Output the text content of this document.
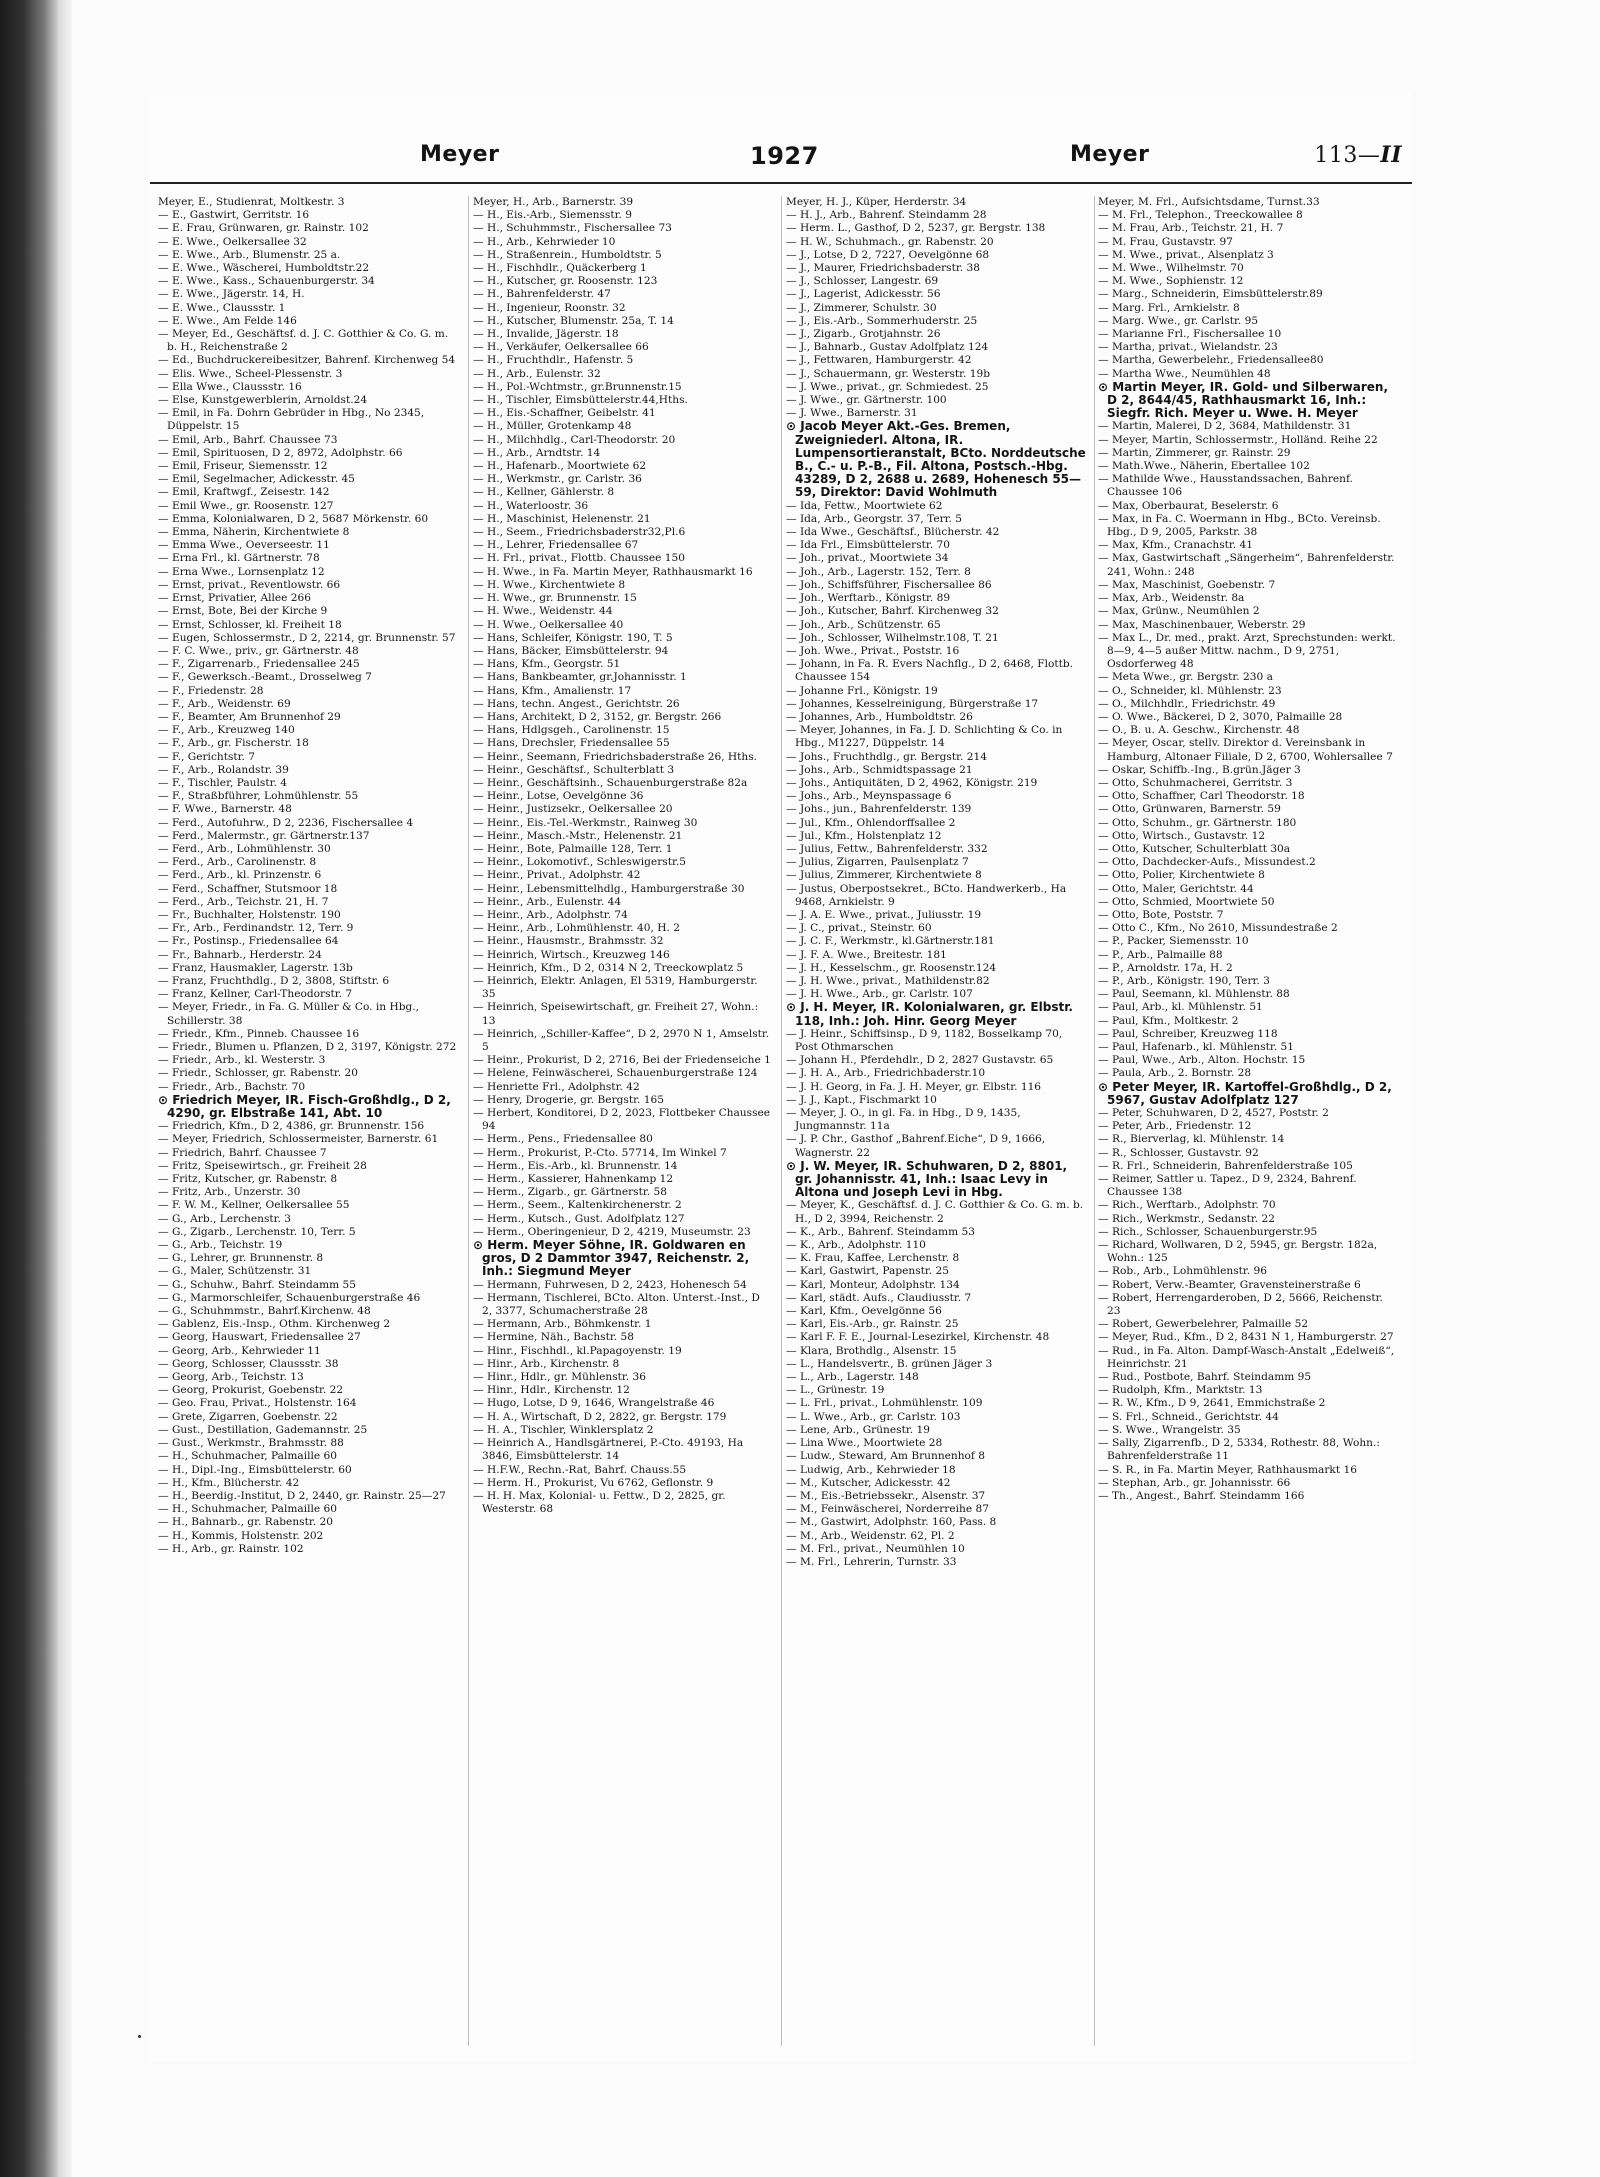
Meyer	1927	Meyer	113—II

Meyer, E., Studienrat, Moltkestr. 3

— E., Gastwirt, Gerritstr. 16

— E. Frau, Grünwaren, gr. Rainstr. 102

— E. Wwe., Oelkersallee 32

— E. Wwe., Arb., Blumenstr. 25 a.

— E. Wwe., Wäscherei, Humboldtstr.22

— E. Wwe., Kass., Schauenburgerstr. 34

— E. Wwe., Jägerstr. 14, H.

— E. Wwe., Claussstr. 1

— E. Wwe., Am Felde 146

— Meyer, Ed., Geschäftsf. d. J. C. Gotthier & Co. G. m. b. H., Reichenstraße 2

— Ed., Buchdruckereibesitzer, Bahrenf. Kirchenweg 54

— Elis. Wwe., Scheel-Plessenstr. 3

— Ella Wwe., Claussstr. 16

— Else, Kunstgewerblerin, Arnoldst.24

— Emil, in Fa. Dohrn Gebrüder in Hbg., No 2345, Düppelstr. 15

— Emil, Arb., Bahrf. Chaussee 73

— Emil, Spirituosen, D 2, 8972, Adolphstr. 66

— Emil, Friseur, Siemensstr. 12

— Emil, Segelmacher, Adickesstr. 45

— Emil, Kraftwgf., Zeisestr. 142

— Emil Wwe., gr. Roosenstr. 127

— Emma, Kolonialwaren, D 2, 5687 Mörkenstr. 60

— Emma, Näherin, Kirchentwiete 8

— Emma Wwe., Oeverseestr. 11

— Erna Frl., kl. Gärtnerstr. 78

— Erna Wwe., Lornsenplatz 12

— Ernst, privat., Reventlowstr. 66

— Ernst, Privatier, Allee 266

— Ernst, Bote, Bei der Kirche 9

— Ernst, Schlosser, kl. Freiheit 18

— Eugen, Schlossermstr., D 2, 2214, gr. Brunnenstr. 57

— F. C. Wwe., priv., gr. Gärtnerstr. 48

— F., Zigarrenarb., Friedensallee 245

— F., Gewerksch.-Beamt., Drosselweg 7

— F., Friedenstr. 28

— F., Arb., Weidenstr. 69

— F., Beamter, Am Brunnenhof 29

— F., Arb., Kreuzweg 140

— F., Arb., gr. Fischerstr. 18

— F., Gerichtstr. 7

— F., Arb., Rolandstr. 39

— F., Tischler, Paulstr. 4

— F., Straßbführer, Lohmühlenstr. 55

— F. Wwe., Barnerstr. 48

— Ferd., Autofuhrw., D 2, 2236, Fischersallee 4

— Ferd., Malermstr., gr. Gärtnerstr.137

— Ferd., Arb., Lohmühlenstr. 30

— Ferd., Arb., Carolinenstr. 8

— Ferd., Arb., kl. Prinzenstr. 6

— Ferd., Schaffner, Stutsmoor 18

— Ferd., Arb., Teichstr. 21, H. 7

— Fr., Buchhalter, Holstenstr. 190

— Fr., Arb., Ferdinandstr. 12, Terr. 9

— Fr., Postinsp., Friedensallee 64

— Fr., Bahnarb., Herderstr. 24

— Franz, Hausmakler, Lagerstr. 13b

— Franz, Fruchthdlg., D 2, 3808, Stiftstr. 6

— Franz, Kellner, Carl-Theodorstr. 7

— Meyer, Friedr., in Fa. G. Müller & Co. in Hbg., Schillerstr. 38

— Friedr., Kfm., Pinneb. Chaussee 16

— Friedr., Blumen u. Pflanzen, D 2, 3197, Königstr. 272

— Friedr., Arb., kl. Westerstr. 3

— Friedr., Schlosser, gr. Rabenstr. 20

— Friedr., Arb., Bachstr. 70

⊙ Friedrich Meyer, IR. Fisch-Großhdlg., D 2, 4290, gr. Elbstraße 141, Abt. 10

— Friedrich, Kfm., D 2, 4386, gr. Brunnenstr. 156

— Meyer, Friedrich, Schlossermeister, Barnerstr. 61

— Friedrich, Bahrf. Chaussee 7

— Fritz, Speisewirtsch., gr. Freiheit 28

— Fritz, Kutscher, gr. Rabenstr. 8

— Fritz, Arb., Unzerstr. 30

— F. W. M., Kellner, Oelkersallee 55

— G., Arb., Lerchenstr. 3

— G., Zigarb., Lerchenstr. 10, Terr. 5

— G., Arb., Teichstr. 19

— G., Lehrer, gr. Brunnenstr. 8

— G., Maler, Schützenstr. 31

— G., Schuhw., Bahrf. Steindamm 55

— G., Marmorschleifer, Schauenburgerstraße 46

— G., Schuhmmstr., Bahrf.Kirchenw. 48

— Gablenz, Eis.-Insp., Othm. Kirchenweg 2

— Georg, Hauswart, Friedensallee 27

— Georg, Arb., Kehrwieder 11

— Georg, Schlosser, Claussstr. 38

— Georg, Arb., Teichstr. 13

— Georg, Prokurist, Goebenstr. 22

— Geo. Frau, Privat., Holstenstr. 164

— Grete, Zigarren, Goebenstr. 22

— Gust., Destillation, Gademannstr. 25

— Gust., Werkmstr., Brahmsstr. 88

— H., Schuhmacher, Palmaille 60

— H., Dipl.-Ing., Eimsbüttelerstr. 60

— H., Kfm., Blücherstr. 42

— H., Beerdig.-Institut, D 2, 2440, gr. Rainstr. 25—27

— H., Schuhmacher, Palmaille 60

— H., Bahnarb., gr. Rabenstr. 20

— H., Kommis, Holstenstr. 202

— H., Arb., gr. Rainstr. 102

Meyer, H., Arb., Barnerstr. 39

— H., Eis.-Arb., Siemensstr. 9

— H., Schuhmmstr., Fischersallee 73

— H., Arb., Kehrwieder 10

— H., Straßenrein., Humboldtstr. 5

— H., Fischhdlr., Quäckerberg 1

— H., Kutscher, gr. Roosenstr. 123

— H., Bahrenfelderstr. 47

— H., Ingenieur, Roonstr. 32

— H., Kutscher, Blumenstr. 25a, T. 14

— H., Invalide, Jägerstr. 18

— H., Verkäufer, Oelkersallee 66

— H., Fruchthdlr., Hafenstr. 5

— H., Arb., Eulenstr. 32

— H., Pol.-Wchtmstr., gr.Brunnenstr.15

— H., Tischler, Eimsbüttelerstr.44,Hths.

— H., Eis.-Schaffner, Geibelstr. 41

— H., Müller, Grotenkamp 48

— H., Milchhdlg., Carl-Theodorstr. 20

— H., Arb., Arndtstr. 14

— H., Hafenarb., Moortwiete 62

— H., Werkmstr., gr. Carlstr. 36

— H., Kellner, Gählerstr. 8

— H., Waterloostr. 36

— H., Maschinist, Helenenstr. 21

— H., Seem., Friedrichsbaderstr32,Pl.6

— H., Lehrer, Friedensallee 67

— H. Frl., privat., Flottb. Chaussee 150

— H. Wwe., in Fa. Martin Meyer, Rathhausmarkt 16

— H. Wwe., Kirchentwiete 8

— H. Wwe., gr. Brunnenstr. 15

— H. Wwe., Weidenstr. 44

— H. Wwe., Oelkersallee 40

— Hans, Schleifer, Königstr. 190, T. 5

— Hans, Bäcker, Eimsbüttelerstr. 94

— Hans, Kfm., Georgstr. 51

— Hans, Bankbeamter, gr.Johannisstr. 1

— Hans, Kfm., Amalienstr. 17

— Hans, techn. Angest., Gerichtstr. 26

— Hans, Architekt, D 2, 3152, gr. Bergstr. 266

— Hans, Hdlgsgeh., Carolinenstr. 15

— Hans, Drechsler, Friedensallee 55

— Heinr., Seemann, Friedrichsbaderstraße 26, Hths.

— Heinr., Geschäftsf., Schulterblatt 3

— Heinr., Geschäftsinh., Schauenburgerstraße 82a

— Heinr., Lotse, Oevelgönne 36

— Heinr., Justizsekr., Oelkersallee 20

— Heinr., Eis.-Tel.-Werkmstr., Rainweg 30

— Heinr., Masch.-Mstr., Helenenstr. 21

— Heinr., Bote, Palmaille 128, Terr. 1

— Heinr., Lokomotivf., Schleswigerstr.5

— Heinr., Privat., Adolphstr. 42

— Heinr., Lebensmittelhdlg., Hamburgerstraße 30

— Heinr., Arb., Eulenstr. 44

— Heinr., Arb., Adolphstr. 74

— Heinr., Arb., Lohmühlenstr. 40, H. 2

— Heinr., Hausmstr., Brahmsstr. 32

— Heinrich, Wirtsch., Kreuzweg 146

— Heinrich, Kfm., D 2, 0314 N 2, Treeckowplatz 5

— Heinrich, Elektr. Anlagen, El 5319, Hamburgerstr. 35

— Heinrich, Speisewirtschaft, gr. Freiheit 27, Wohn.: 13

— Heinrich, „Schiller-Kaffee“, D 2, 2970 N 1, Amselstr. 5

— Heinr., Prokurist, D 2, 2716, Bei der Friedenseiche 1

— Helene, Feinwäscherei, Schauenburgerstraße 124

— Henriette Frl., Adolphstr. 42

— Henry, Drogerie, gr. Bergstr. 165

— Herbert, Konditorei, D 2, 2023, Flottbeker Chaussee 94

— Herm., Pens., Friedensallee 80

— Herm., Prokurist, P.-Cto. 57714, Im Winkel 7

— Herm., Eis.-Arb., kl. Brunnenstr. 14

— Herm., Kassierer, Hahnenkamp 12

— Herm., Zigarb., gr. Gärtnerstr. 58

— Herm., Seem., Kaltenkirchenerstr. 2

— Herm., Kutsch., Gust. Adolfplatz 127

— Herm., Oberingenieur, D 2, 4219, Museumstr. 23

⊙ Herm. Meyer Söhne, IR. Goldwaren en gros, D 2 Dammtor 3947, Reichenstr. 2, Inh.: Siegmund Meyer

— Hermann, Fuhrwesen, D 2, 2423, Hohenesch 54

— Hermann, Tischlerei, BCto. Alton. Unterst.-Inst., D 2, 3377, Schumacherstraße 28

— Hermann, Arb., Böhmkenstr. 1

— Hermine, Näh., Bachstr. 58

— Hinr., Fischhdl., kl.Papagoyenstr. 19

— Hinr., Arb., Kirchenstr. 8

— Hinr., Hdlr., gr. Mühlenstr. 36

— Hinr., Hdlr., Kirchenstr. 12

— Hugo, Lotse, D 9, 1646, Wrangelstraße 46

— H. A., Wirtschaft, D 2, 2822, gr. Bergstr. 179

— H. A., Tischler, Winklersplatz 2

— Heinrich A., Handlsgärtnerei, P.-Cto. 49193, Ha 3846, Eimsbüttelerstr. 14

— H.F.W., Rechn.-Rat, Bahrf. Chauss.55

— Herm. H., Prokurist, Vu 6762, Geflonstr. 9

— H. H. Max, Kolonial- u. Fettw., D 2, 2825, gr. Westerstr. 68

Meyer, H. J., Küper, Herderstr. 34

— H. J., Arb., Bahrenf. Steindamm 28

— Herm. L., Gasthof, D 2, 5237, gr. Bergstr. 138

— H. W., Schuhmach., gr. Rabenstr. 20

— J., Lotse, D 2, 7227, Oevelgönne 68

— J., Maurer, Friedrichsbaderstr. 38

— J., Schlosser, Langestr. 69

— J., Lagerist, Adickesstr. 56

— J., Zimmerer, Schulstr. 30

— J., Eis.-Arb., Sommerhuderstr. 25

— J., Zigarb., Grotjahnstr. 26

— J., Bahnarb., Gustav Adolfplatz 124

— J., Fettwaren, Hamburgerstr. 42

— J., Schauermann, gr. Westerstr. 19b

— J. Wwe., privat., gr. Schmiedest. 25

— J. Wwe., gr. Gärtnerstr. 100

— J. Wwe., Barnerstr. 31

⊙ Jacob Meyer Akt.-Ges. Bremen, Zweigniederl. Altona, IR. Lumpensortieranstalt, BCto. Norddeutsche B., C.- u. P.-B., Fil. Altona, Postsch.-Hbg. 43289, D 2, 2688 u. 2689, Hohenesch 55—59, Direktor: David Wohlmuth

— Ida, Fettw., Moortwiete 62

— Ida, Arb., Georgstr. 37, Terr. 5

— Ida Wwe., Geschäftsf., Blücherstr. 42

— Ida Frl., Eimsbüttelerstr. 70

— Joh., privat., Moortwiete 34

— Joh., Arb., Lagerstr. 152, Terr. 8

— Joh., Schiffsführer, Fischersallee 86

— Joh., Werftarb., Königstr. 89

— Joh., Kutscher, Bahrf. Kirchenweg 32

— Joh., Arb., Schützenstr. 65

— Joh., Schlosser, Wilhelmstr.108, T. 21

— Joh. Wwe., Privat., Poststr. 16

— Johann, in Fa. R. Evers Nachflg., D 2, 6468, Flottb. Chaussee 154

— Johanne Frl., Königstr. 19

— Johannes, Kesselreinigung, Bürgerstraße 17

— Johannes, Arb., Humboldtstr. 26

— Meyer, Johannes, in Fa. J. D. Schlichting & Co. in Hbg., M1227, Düppelstr. 14

— Johs., Fruchthdlg., gr. Bergstr. 214

— Johs., Arb., Schmidtspassage 21

— Johs., Antiquitäten, D 2, 4962, Königstr. 219

— Johs., Arb., Meynspassage 6

— Johs., jun., Bahrenfelderstr. 139

— Jul., Kfm., Ohlendorffsallee 2

— Jul., Kfm., Holstenplatz 12

— Julius, Fettw., Bahrenfelderstr. 332

— Julius, Zigarren, Paulsenplatz 7

— Julius, Zimmerer, Kirchentwiete 8

— Justus, Oberpostsekret., BCto. Handwerkerb., Ha 9468, Arnkielstr. 9

— J. A. E. Wwe., privat., Juliusstr. 19

— J. C., privat., Steinstr. 60

— J. C. F., Werkmstr., kl.Gärtnerstr.181

— J. F. A. Wwe., Breitestr. 181

— J. H., Kesselschm., gr. Roosenstr.124

— J. H. Wwe., privat., Mathildenstr.82

— J. H. Wwe., Arb., gr. Carlstr. 107

⊙ J. H. Meyer, IR. Kolonialwaren, gr. Elbstr. 118, Inh.: Joh. Hinr. Georg Meyer

— J. Heinr., Schiffsinsp., D 9, 1182, Bosselkamp 70, Post Othmarschen

— Johann H., Pferdehdlr., D 2, 2827 Gustavstr. 65

— J. H. A., Arb., Friedrichbaderstr.10

— J. H. Georg, in Fa. J. H. Meyer, gr. Elbstr. 116

— J. J., Kapt., Fischmarkt 10

— Meyer, J. O., in gl. Fa. in Hbg., D 9, 1435, Jungmannstr. 11a

— J. P. Chr., Gasthof „Bahrenf.Eiche“, D 9, 1666, Wagnerstr. 22

⊙ J. W. Meyer, IR. Schuhwaren, D 2, 8801, gr. Johannisstr. 41, Inh.: Isaac Levy in Altona und Joseph Levi in Hbg.

— Meyer, K., Geschäftsf. d. J. C. Gotthier & Co. G. m. b. H., D 2, 3994, Reichenstr. 2

— K., Arb., Bahrenf. Steindamm 53

— K., Arb., Adolphstr. 110

— K. Frau, Kaffee, Lerchenstr. 8

— Karl, Gastwirt, Papenstr. 25

— Karl, Monteur, Adolphstr. 134

— Karl, städt. Aufs., Claudiusstr. 7

— Karl, Kfm., Oevelgönne 56

— Karl, Eis.-Arb., gr. Rainstr. 25

— Karl F. F. E., Journal-Lesezirkel, Kirchenstr. 48

— Klara, Brothdlg., Alsenstr. 15

— L., Handelsvertr., B. grünen Jäger 3

— L., Arb., Lagerstr. 148

— L., Grünestr. 19

— L. Frl., privat., Lohmühlenstr. 109

— L. Wwe., Arb., gr. Carlstr. 103

— Lene, Arb., Grünestr. 19

— Lina Wwe., Moortwiete 28

— Ludw., Steward, Am Brunnenhof 8

— Ludwig, Arb., Kehrwieder 18

— M., Kutscher, Adickesstr. 42

— M., Eis.-Betriebssekr., Alsenstr. 37

— M., Feinwäscherei, Norderreihe 87

— M., Gastwirt, Adolphstr. 160, Pass. 8

— M., Arb., Weidenstr. 62, Pl. 2

— M. Frl., privat., Neumühlen 10

— M. Frl., Lehrerin, Turnstr. 33

Meyer, M. Frl., Aufsichtsdame, Turnst.33

— M. Frl., Telephon., Treeckowallee 8

— M. Frau, Arb., Teichstr. 21, H. 7

— M. Frau, Gustavstr. 97

— M. Wwe., privat., Alsenplatz 3

— M. Wwe., Wilhelmstr. 70

— M. Wwe., Sophienstr. 12

— Marg., Schneiderin, Eimsbüttelerstr.89

— Marg. Frl., Arnkielstr. 8

— Marg. Wwe., gr. Carlstr. 95

— Marianne Frl., Fischersallee 10

— Martha, privat., Wielandstr. 23

— Martha, Gewerbelehr., Friedensallee80

— Martha Wwe., Neumühlen 48

⊙ Martin Meyer, IR. Gold- und Silberwaren, D 2, 8644/45, Rathhausmarkt 16, Inh.: Siegfr. Rich. Meyer u. Wwe. H. Meyer

— Martin, Malerei, D 2, 3684, Mathildenstr. 31

— Meyer, Martin, Schlossermstr., Holländ. Reihe 22

— Martin, Zimmerer, gr. Rainstr. 29

— Math.Wwe., Näherin, Ebertallee 102

— Mathilde Wwe., Hausstandssachen, Bahrenf. Chaussee 106

— Max, Oberbaurat, Beselerstr. 6

— Max, in Fa. C. Woermann in Hbg., BCto. Vereinsb. Hbg., D 9, 2005, Parkstr. 38

— Max, Kfm., Cranachstr. 41

— Max, Gastwirtschaft „Sängerheim“, Bahrenfelderstr. 241, Wohn.: 248

— Max, Maschinist, Goebenstr. 7

— Max, Arb., Weidenstr. 8a

— Max, Grünw., Neumühlen 2

— Max, Maschinenbauer, Weberstr. 29

— Max L., Dr. med., prakt. Arzt, Sprechstunden: werkt. 8—9, 4—5 außer Mittw. nachm., D 9, 2751, Osdorferweg 48

— Meta Wwe., gr. Bergstr. 230 a

— O., Schneider, kl. Mühlenstr. 23

— O., Milchhdlr., Friedrichstr. 49

— O. Wwe., Bäckerei, D 2, 3070, Palmaille 28

— O., B. u. A. Geschw., Kirchenstr. 48

— Meyer, Oscar, stellv. Direktor d. Vereinsbank in Hamburg, Altonaer Filiale, D 2, 6700, Wohlersallee 7

— Oskar, Schiffb.-Ing., B.grün.Jäger 3

— Otto, Schuhmacherei, Gerritstr. 3

— Otto, Schaffner, Carl Theodorstr. 18

— Otto, Grünwaren, Barnerstr. 59

— Otto, Schuhm., gr. Gärtnerstr. 180

— Otto, Wirtsch., Gustavstr. 12

— Otto, Kutscher, Schulterblatt 30a

— Otto, Dachdecker-Aufs., Missundest.2

— Otto, Polier, Kirchentwiete 8

— Otto, Maler, Gerichtstr. 44

— Otto, Schmied, Moortwiete 50

— Otto, Bote, Poststr. 7

— Otto C., Kfm., No 2610, Missundestraße 2

— P., Packer, Siemensstr. 10

— P., Arb., Palmaille 88

— P., Arnoldstr. 17a, H. 2

— P., Arb., Königstr. 190, Terr. 3

— Paul, Seemann, kl. Mühlenstr. 88

— Paul, Arb., kl. Mühlenstr. 51

— Paul, Kfm., Moltkestr. 2

— Paul, Schreiber, Kreuzweg 118

— Paul, Hafenarb., kl. Mühlenstr. 51

— Paul, Wwe., Arb., Alton. Hochstr. 15

— Paula, Arb., 2. Bornstr. 28

⊙ Peter Meyer, IR. Kartoffel-Großhdlg., D 2, 5967, Gustav Adolfplatz 127

— Peter, Schuhwaren, D 2, 4527, Poststr. 2

— Peter, Arb., Friedenstr. 12

— R., Bierverlag, kl. Mühlenstr. 14

— R., Schlosser, Gustavstr. 92

— R. Frl., Schneiderin, Bahrenfelderstraße 105

— Reimer, Sattler u. Tapez., D 9, 2324, Bahrenf. Chaussee 138

— Rich., Werftarb., Adolphstr. 70

— Rich., Werkmstr., Sedanstr. 22

— Rich., Schlosser, Schauenburgerstr.95

— Richard, Wollwaren, D 2, 5945, gr. Bergstr. 182a, Wohn.: 125

— Rob., Arb., Lohmühlenstr. 96

— Robert, Verw.-Beamter, Gravensteinerstraße 6

— Robert, Herrengarderoben, D 2, 5666, Reichenstr. 23

— Robert, Gewerbelehrer, Palmaille 52

— Meyer, Rud., Kfm., D 2, 8431 N 1, Hamburgerstr. 27

— Rud., in Fa. Alton. Dampf-Wasch-Anstalt „Edelweiß“, Heinrichstr. 21

— Rud., Postbote, Bahrf. Steindamm 95

— Rudolph, Kfm., Marktstr. 13

— R. W., Kfm., D 9, 2641, Emmichstraße 2

— S. Frl., Schneid., Gerichtstr. 44

— S. Wwe., Wrangelstr. 35

— Sally, Zigarrenfb., D 2, 5334, Rothestr. 88, Wohn.: Bahrenfelderstraße 11

— S. R., in Fa. Martin Meyer, Rathhausmarkt 16

— Stephan, Arb., gr. Johannisstr. 66

— Th., Angest., Bahrf. Steindamm 166
